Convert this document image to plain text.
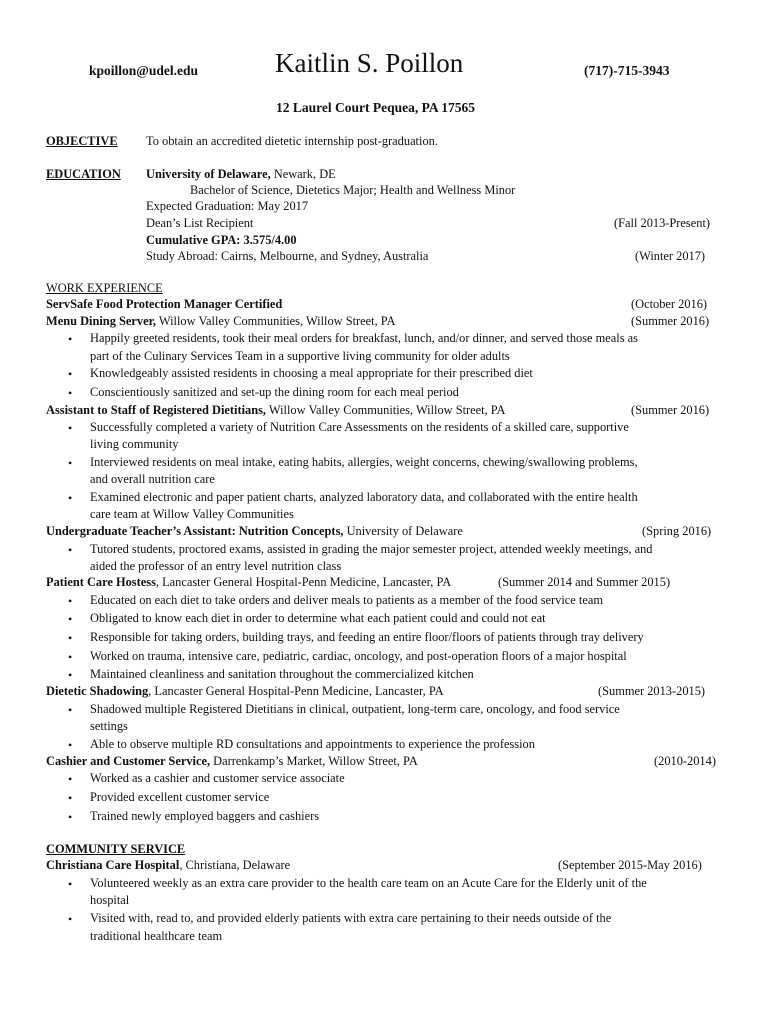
kpoillon@udel.edu	Kaitlin S. Poillon	(717)-715-3943
12 Laurel Court Pequea, PA 17565
OBJECTIVE To obtain an accredited dietetic internship post-graduation.
EDUCATION University of Delaware, Newark, DE
Bachelor of Science, Dietetics Major; Health and Wellness Minor
Expected Graduation: May 2017
Dean’s List Recipient	(Fall 2013-Present)
Cumulative GPA: 3.575/4.00
Study Abroad: Cairns, Melbourne, and Sydney, Australia	(Winter 2017)
WORK EXPERIENCE
ServSafe Food Protection Manager Certified	(October 2016)
Menu Dining Server, Willow Valley Communities, Willow Street, PA	(Summer 2016)
• Happily greeted residents, took their meal orders for breakfast, lunch, and/or dinner, and served those meals as
part of the Culinary Services Team in a supportive living community for older adults
• Knowledgeably assisted residents in choosing a meal appropriate for their prescribed diet
• Conscientiously sanitized and set-up the dining room for each meal period
Assistant to Staff of Registered Dietitians, Willow Valley Communities, Willow Street, PA	(Summer 2016)
• Successfully completed a variety of Nutrition Care Assessments on the residents of a skilled care, supportive
living community
• Interviewed residents on meal intake, eating habits, allergies, weight concerns, chewing/swallowing problems,
and overall nutrition care
• Examined electronic and paper patient charts, analyzed laboratory data, and collaborated with the entire health
care team at Willow Valley Communities
Undergraduate Teacher’s Assistant: Nutrition Concepts, University of Delaware	(Spring 2016)
• Tutored students, proctored exams, assisted in grading the major semester project, attended weekly meetings, and
aided the professor of an entry level nutrition class
Patient Care Hostess, Lancaster General Hospital-Penn Medicine, Lancaster, PA	(Summer 2014 and Summer 2015)
• Educated on each diet to take orders and deliver meals to patients as a member of the food service team
• Obligated to know each diet in order to determine what each patient could and could not eat
• Responsible for taking orders, building trays, and feeding an entire floor/floors of patients through tray delivery
• Worked on trauma, intensive care, pediatric, cardiac, oncology, and post-operation floors of a major hospital
• Maintained cleanliness and sanitation throughout the commercialized kitchen
Dietetic Shadowing, Lancaster General Hospital-Penn Medicine, Lancaster, PA	(Summer 2013-2015)
• Shadowed multiple Registered Dietitians in clinical, outpatient, long-term care, oncology, and food service
settings
• Able to observe multiple RD consultations and appointments to experience the profession
Cashier and Customer Service, Darrenkamp’s Market, Willow Street, PA	(2010-2014)
• Worked as a cashier and customer service associate
• Provided excellent customer service
• Trained newly employed baggers and cashiers
COMMUNITY SERVICE
Christiana Care Hospital, Christiana, Delaware	(September 2015-May 2016)
• Volunteered weekly as an extra care provider to the health care team on an Acute Care for the Elderly unit of the
hospital
• Visited with, read to, and provided elderly patients with extra care pertaining to their needs outside of the
traditional healthcare team
